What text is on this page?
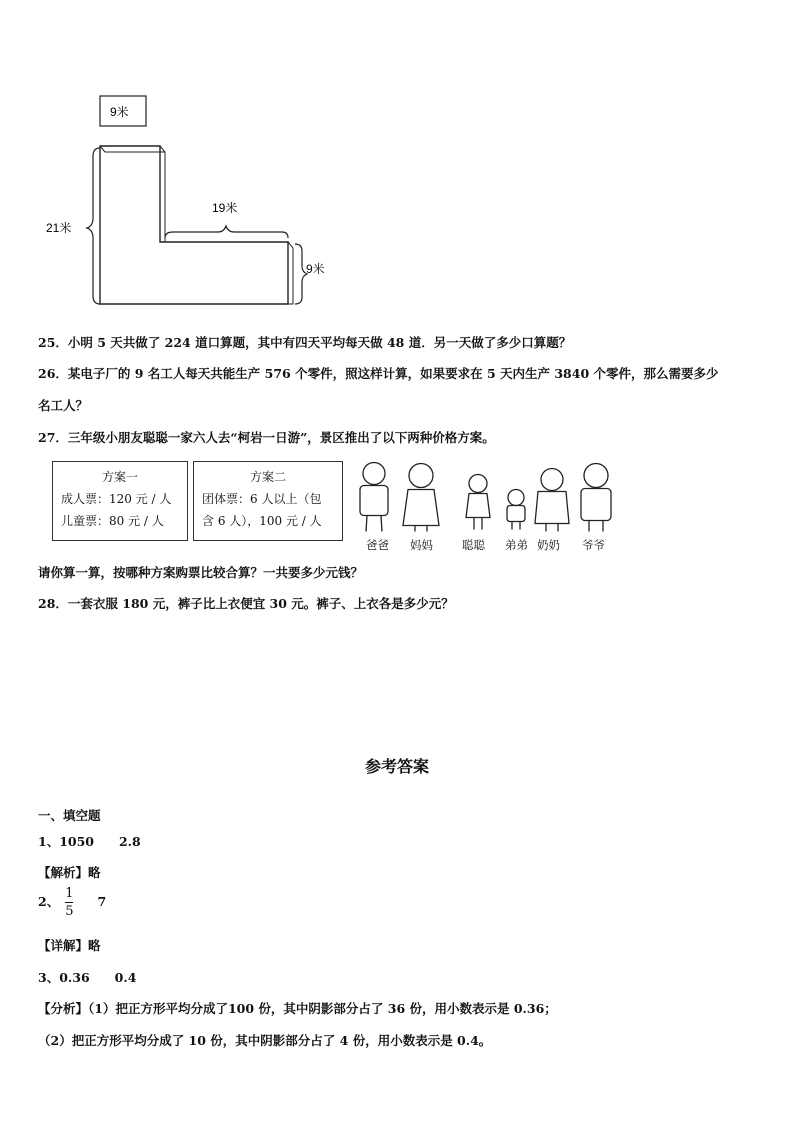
9米
21米
19米
9米
25．小明 5 天共做了 224 道口算题，其中有四天平均每天做 48 道．另一天做了多少口算题？
26．某电子厂的 9 名工人每天共能生产 576 个零件，照这样计算，如果要求在 5 天内生产 3840 个零件，那么需要多少
名工人？
27．三年级小朋友聪聪一家六人去“柯岩一日游”，景区推出了以下两种价格方案。
方案一
成人票：120 元 / 人
儿童票：80 元 / 人
方案二
团体票：6 人以上（包
含 6 人），100 元 / 人
爸爸 妈妈	聪聪 弟弟 奶奶 爷爷
请你算一算，按哪种方案购票比较合算？一共要多少元钱？
28．一套衣服 180 元，裤子比上衣便宜 30 元。裤子、上衣各是多少元？
参考答案
一、填空题
1、1050　　2.8
【解析】略
2、 $\frac{1}{5} 7$
【详解】略
3、0.36　　0.4
【分析】（1）把正方形平均分成了100 份，其中阴影部分占了 36 份，用小数表示是 0.36；
（2）把正方形平均分成了 10 份，其中阴影部分占了 4 份，用小数表示是 0.4。
